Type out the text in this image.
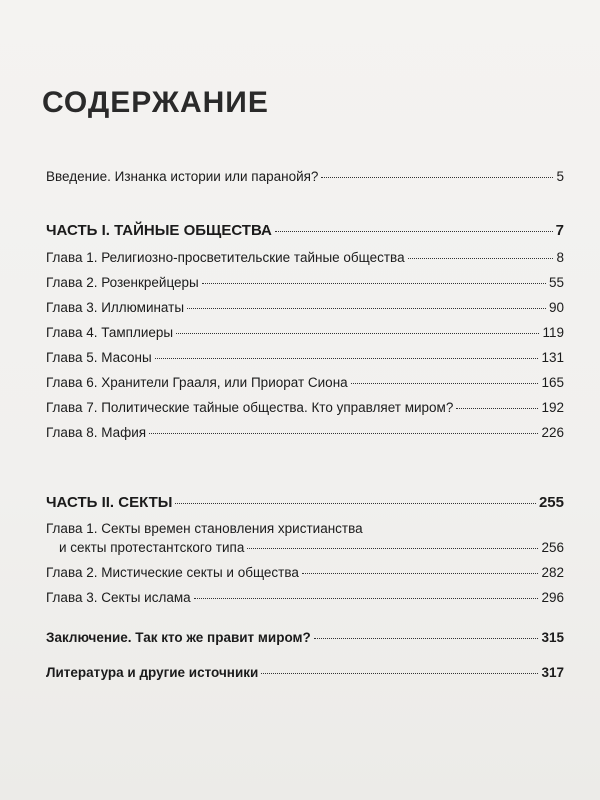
СОДЕРЖАНИЕ
Введение. Изнанка истории или паранойя?	5
ЧАСТЬ I. ТАЙНЫЕ ОБЩЕСТВА	7
Глава 1. Религиозно-просветительские тайные общества	8
Глава 2. Розенкрейцеры	55
Глава 3. Иллюминаты	90
Глава 4. Тамплиеры	119
Глава 5. Масоны	131
Глава 6. Хранители Грааля, или Приорат Сиона	165
Глава 7. Политические тайные общества. Кто управляет миром?	192
Глава 8. Мафия	226
ЧАСТЬ II. СЕКТЫ	255
Глава 1. Секты времен становления христианства
и секты протестантского типа	256
Глава 2. Мистические секты и общества	282
Глава 3. Секты ислама	296
Заключение. Так кто же правит миром?	315
Литература и другие источники	317
